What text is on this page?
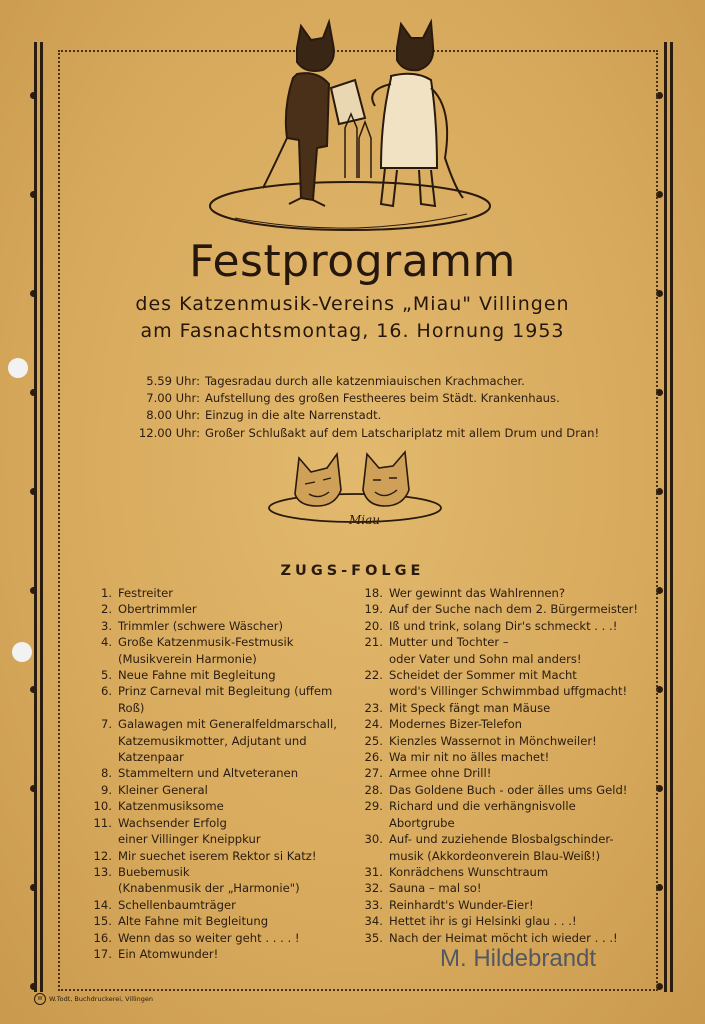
Festprogramm
des Katzenmusik-Vereins „Miau" Villingen
am Fasnachtsmontag, 16. Hornung 1953
5.59 Uhr: Tagesradau durch alle katzenmiauischen Krachmacher.
7.00 Uhr: Aufstellung des großen Festheeres beim Städt. Krankenhaus.
8.00 Uhr: Einzug in die alte Narrenstadt.
12.00 Uhr: Großer Schlußakt auf dem Latschariplatz mit allem Drum und Dran!
Miau
ZUGS-FOLGE
1. Festreiter
2. Obertrimmler
3. Trimmler (schwere Wäscher)
4. Große Katzenmusik-Festmusik
(Musikverein Harmonie)
5. Neue Fahne mit Begleitung
6. Prinz Carneval mit Begleitung (uffem Roß)
7. Galawagen mit Generalfeldmarschall,
Katzemusikmotter, Adjutant und
Katzenpaar
8. Stammeltern und Altveteranen
9. Kleiner General
10. Katzenmusiksome
11. Wachsender Erfolg
einer Villinger Kneippkur
12. Mir suechet iserem Rektor si Katz!
13. Buebemusik
(Knabenmusik der „Harmonie")
14. Schellenbaumträger
15. Alte Fahne mit Begleitung
16. Wenn das so weiter geht . . . . !
17. Ein Atomwunder!
18. Wer gewinnt das Wahlrennen?
19. Auf der Suche nach dem 2. Bürgermeister!
20. Iß und trink, solang Dir's schmeckt . . .!
21. Mutter und Tochter –
oder Vater und Sohn mal anders!
22. Scheidet der Sommer mit Macht
word's Villinger Schwimmbad uffgmacht!
23. Mit Speck fängt man Mäuse
24. Modernes Bizer-Telefon
25. Kienzles Wassernot in Mönchweiler!
26. Wa mir nit no älles machet!
27. Armee ohne Drill!
28. Das Goldene Buch - oder älles ums Geld!
29. Richard und die verhängnisvolle
Abortgrube
30. Auf- und zuziehende Blosbalgschinder-
musik (Akkordeonverein Blau-Weiß!)
31. Konrädchens Wunschtraum
32. Sauna – mal so!
33. Reinhardt's Wunder-Eier!
34. Hettet ihr is gi Helsinki glau . . .!
35. Nach der Heimat möcht ich wieder . . .!
W	W.Todt, Buchdruckerei, Villingen
M. Hildebrandt
